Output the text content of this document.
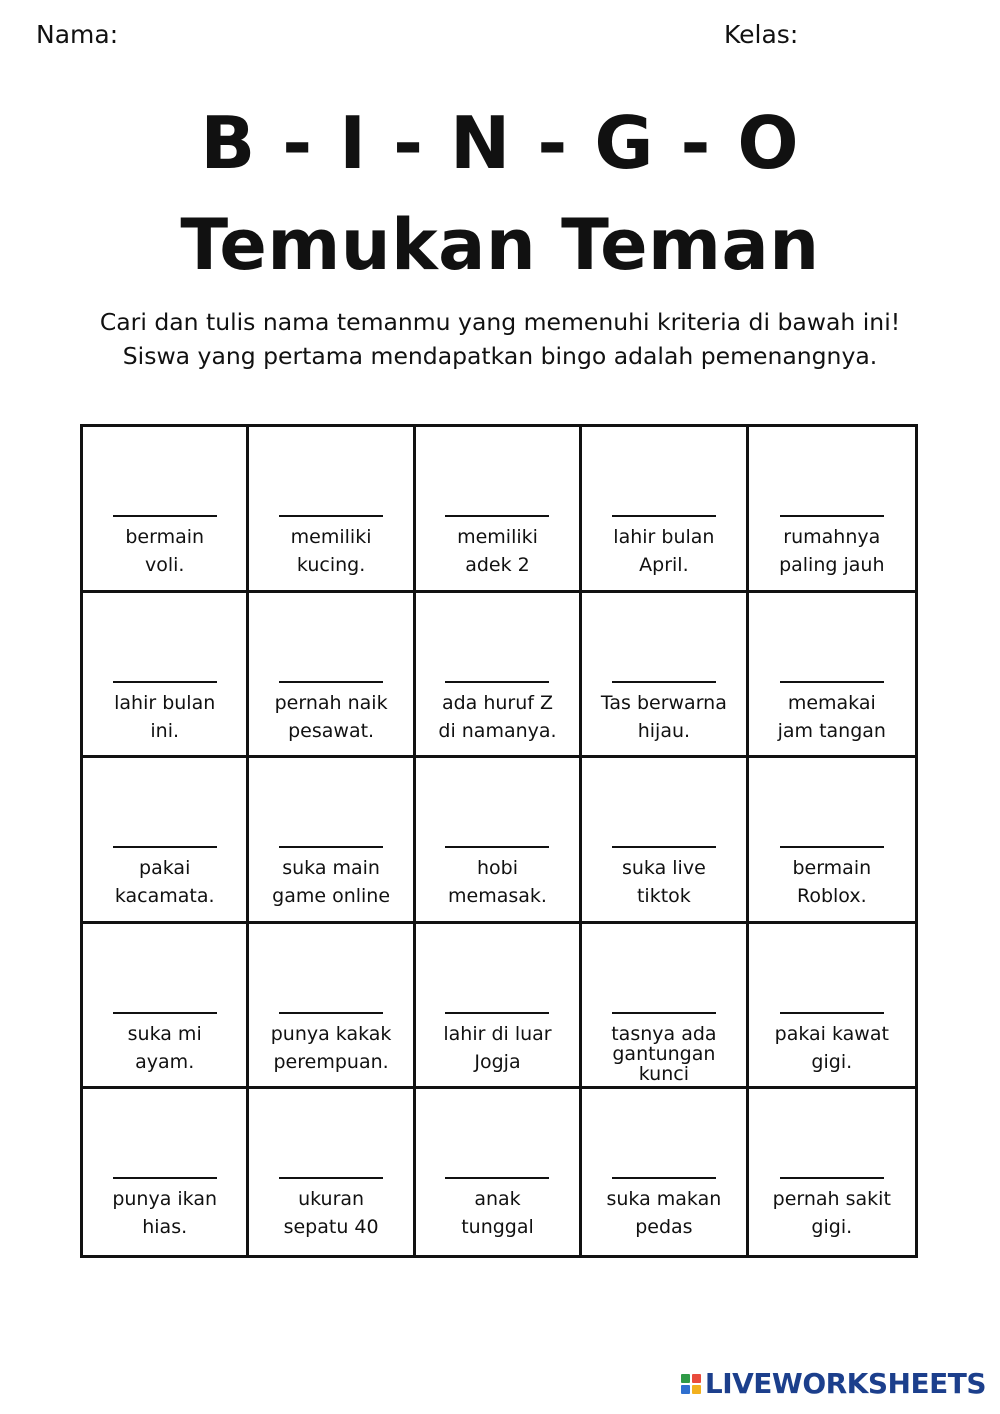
Nama:	Kelas:
B - I - N - G - O
Temukan Teman
Cari dan tulis nama temanmu yang memenuhi kriteria di bawah ini!
Siswa yang pertama mendapatkan bingo adalah pemenangnya.
bermain
voli.
memiliki
kucing.
memiliki
adek 2
lahir bulan
April.
rumahnya
paling jauh
lahir bulan
ini.
pernah naik
pesawat.
ada huruf Z
di namanya.
Tas berwarna
hijau.
memakai
jam tangan
pakai
kacamata.
suka main
game online
hobi
memasak.
suka live
tiktok
bermain
Roblox.
suka mi
ayam.
punya kakak
perempuan.
lahir di luar
Jogja
tasnya ada
gantungan
kunci
pakai kawat
gigi.
punya ikan
hias.
ukuran
sepatu 40
anak
tunggal
suka makan
pedas
pernah sakit
gigi.
LIVEWORKSHEETS
